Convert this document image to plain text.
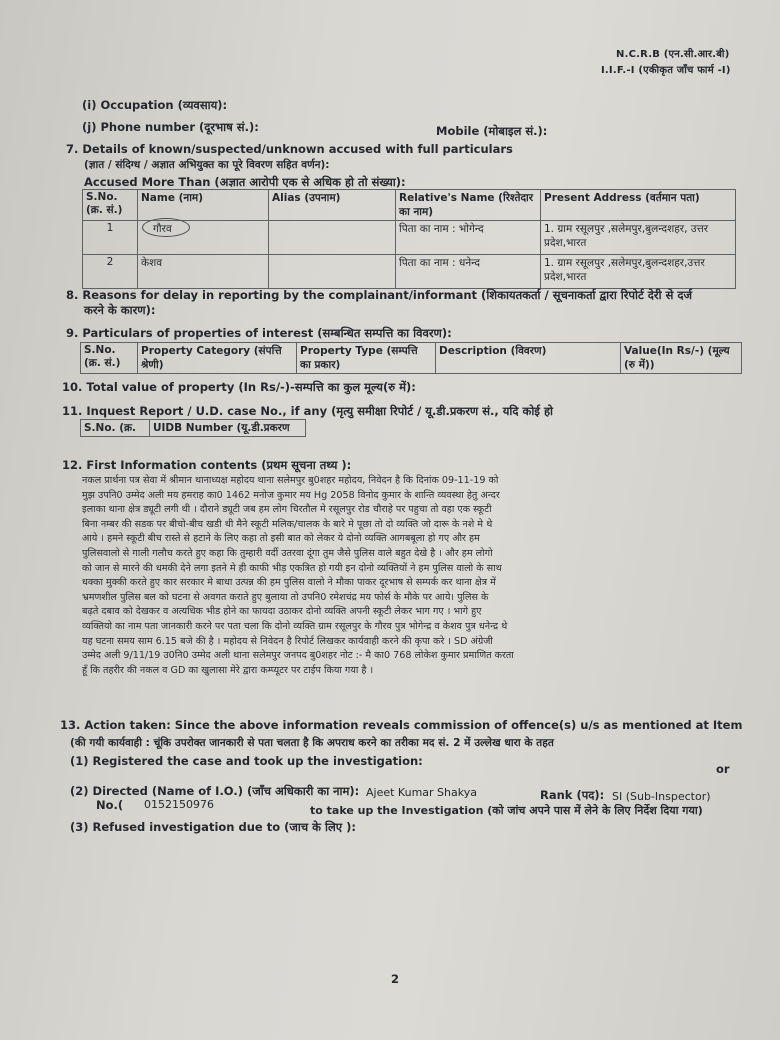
N.C.R.B (एन.सी.आर.बी)
I.I.F.-I (एकीकृत जाँच फार्म -I)
(i) Occupation (व्यवसाय):
(j) Phone number (दूरभाष सं.):	Mobile (मोबाइल सं.):
7. Details of known/suspected/unknown accused with full particulars
(ज्ञात / संदिग्ध / अज्ञात अभियुक्त का पूरे विवरण सहित वर्णन):
Accused More Than (अज्ञात आरोपी एक से अधिक हो तो संख्या):
S.No.(क्र. सं.)	Name (नाम)	Alias (उपनाम)	Relative's Name (रिश्तेदार का नाम)	Present Address (वर्तमान पता)
1	गौरव		पिता का नाम : भोगेन्द	1. ग्राम रसूलपुर ,सलेमपुर,बुलन्दशहर, उत्तर प्रदेश,भारत
2	केशव		पिता का नाम : धनेन्द	1. ग्राम रसूलपुर ,सलेमपुर,बुलन्दशहर,उत्तर प्रदेश,भारत
8. Reasons for delay in reporting by the complainant/informant (शिकायतकर्ता / सूचनाकर्ता द्वारा रिपोर्ट देरी से दर्ज
करने के कारण):
9. Particulars of properties of interest (सम्बन्धित सम्पत्ति का विवरण):
S.No. (क्र. सं.)	Property Category (संपत्ति श्रेणी)	Property Type (सम्पत्ति का प्रकार)	Description (विवरण)	Value(In Rs/-) (मूल्य (रु में))
10. Total value of property (In Rs/-)-सम्पत्ति का कुल मूल्य(रु में):
11. Inquest Report / U.D. case No., if any (मृत्यु समीक्षा रिपोर्ट / यू.डी.प्रकरण सं., यदि कोई हो
S.No. (क्र.	UIDB Number (यू.डी.प्रकरण
12. First Information contents (प्रथम सूचना तथ्य ):

नकल प्रार्थना पत्र सेवा में श्रीमान थानाध्यक्ष महोदय थाना सलेमपुर बु0शहर महोदय, निवेदन है कि दिनांक 09-11-19 को

मुझ उपनि0 उम्मेद अली मय हमराह का0 1462 मनोज कुमार मय Hg 2058 विनोद कुमार के शान्ति व्यवस्था हेतु अन्दर

इलाका थाना क्षेत्र ड्यूटी लगी थी । दौराने ड्यूटी जब हम लोग चिरतौल मे रसूलपुर रोड चौराहे पर पहुचा तो वहा एक स्कूटी

बिना नम्बर की सडक पर बीचो-बीच खडी थी मैने स्कूटी मलिक/चालक के बारे मे पूछा तो दो व्यक्ति जो दारू के नशे मे थे

आये । हमने स्कूटी बीच रास्ते से हटाने के लिए कहा तो इसी बात को लेकर ये दोनो व्यक्ति आगबबूला हो गए और हम

पुलिसवालो से गाली गलौच करते हुए कहा कि तुम्हारी वर्दी उतरवा दूंगा तुम जैसे पुलिस वाले बहुत देखे है । और हम लोगो

को जान से मारने की धमकी देने लगा इतने मे ही काफी भीड़ एकत्रित हो गयी इन दोनो व्यक्तियों ने हम पुलिस वालो के साथ

धक्का मुक्की करते हुए कार सरकार मे बाधा उत्पन्न की हम पुलिस वालो ने मौका पाकर दूरभाष से सम्पर्क कर थाना क्षेत्र में

भ्रमणशील पुलिस बल को घटना से अवगत कराते हुए बुलाया तो उपनि0 रमेशचंद्र मय फोर्स के मौके पर आये। पुलिस के

बढ़ते दबाव को देखकर व अत्यधिक भीड होने का फायदा उठाकर दोनो व्यक्ति अपनी स्कूटी लेकर भाग गए । भागे हुए

व्यक्तियो का नाम पता जानकारी करने पर पता चला कि दोनो व्यक्ति ग्राम रसूलपुर के गौरव पुत्र भोगेन्द्र व केशव पुत्र धनेन्द्र थे

यह घटना समय साम 6.15 बजे की है । महोदय से निवेदन है रिपोर्ट लिखकर कार्यवाही करने की कृपा करे । SD अंग्रेजी

उम्मेद अली 9/11/19 उ0नि0 उम्मेद अली थाना सलेमपुर जनपद बु0शहर नोट :- मै का0 768 लोकेश कुमार प्रमाणित करता

हूँ कि तहरीर की नकल व GD का खुलासा मेरे द्वारा कम्प्यूटर पर टाईप किया गया है ।

13. Action taken: Since the above information reveals commission of offence(s) u/s as mentioned at Item
(की गयी कार्यवाही : चूंकि उपरोक्त जानकारी से पता चलता है कि अपराध करने का तरीका मद सं. 2 में उल्लेख धारा के तहत
(1) Registered the case and took up the investigation:
or
(2) Directed (Name of I.O.) (जाँच अधिकारी का नाम): Ajeet Kumar Shakya	Rank (पद): SI (Sub-Inspector)
No.( 0152150976	to take up the Investigation (को जांच अपने पास में लेने के लिए निर्देश दिया गया)
(3) Refused investigation due to (जाच के लिए ):
2
